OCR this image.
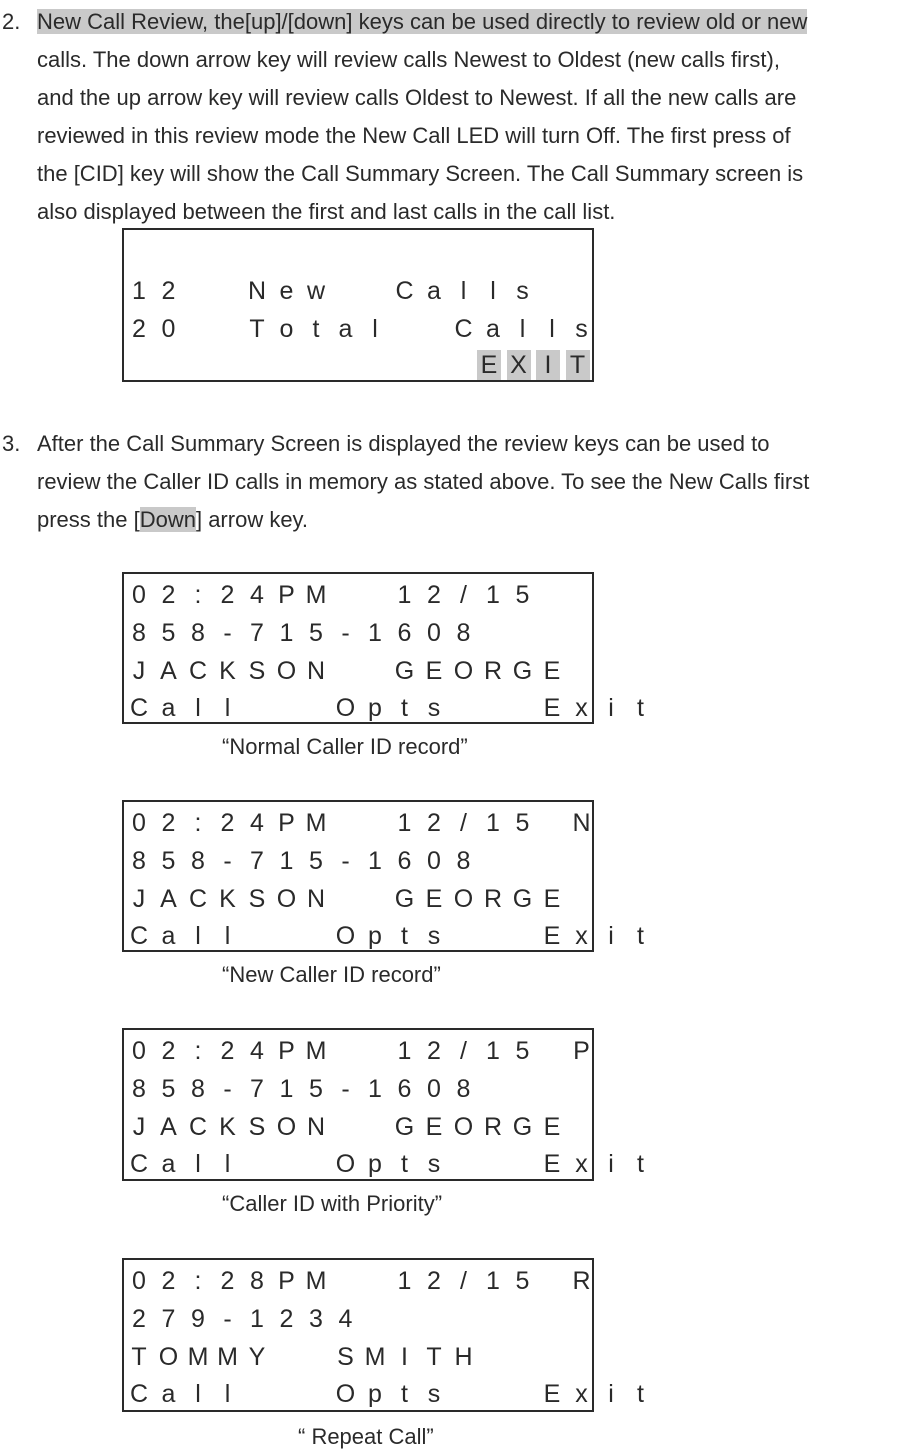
2. New Call Review, the[up]/[down] keys can be used directly to review old or new
calls. The down arrow key will review calls Newest to Oldest (new calls first),
and the up arrow key will review calls Oldest to Newest. If all the new calls are
reviewed in this review mode the New Call LED will turn Off. The first press of
the [CID] key will show the Call Summary Screen. The Call Summary screen is
also displayed between the first and last calls in the call list.
1 2	N e w	C a l l s
2 0	T o t a l	C a l l s
E X I T
3. After the Call Summary Screen is displayed the review keys can be used to
review the Caller ID calls in memory as stated above. To see the New Calls first
press the [Down] arrow key.
0 2 : 2 4 P M	1 2 / 1 5
8 5 8 - 7 1 5 - 1 6 0 8
J A C K S O N	G E O R G E
C a l l	O p t s	E x i t
“Normal Caller ID record”
0 2 : 2 4 P M	1 2 / 1 5
8 5 8 - 7 1 5 - 1 6 0 8
J A C K S O N	G E O R G E
C a l l	O p t s	E x i t
N
“New Caller ID record”
0 2 : 2 4 P M	1 2 / 1 5
8 5 8 - 7 1 5 - 1 6 0 8
J A C K S O N	G E O R G E
C a l l	O p t s	E x i t
P
“Caller ID with Priority”
0 2 : 2 8 P M	1 2 / 1 5
2 7 9 - 1 2 3 4
T O M M Y	S M I T H
C a l l	O p t s	E x i t
R
“ Repeat Call”
